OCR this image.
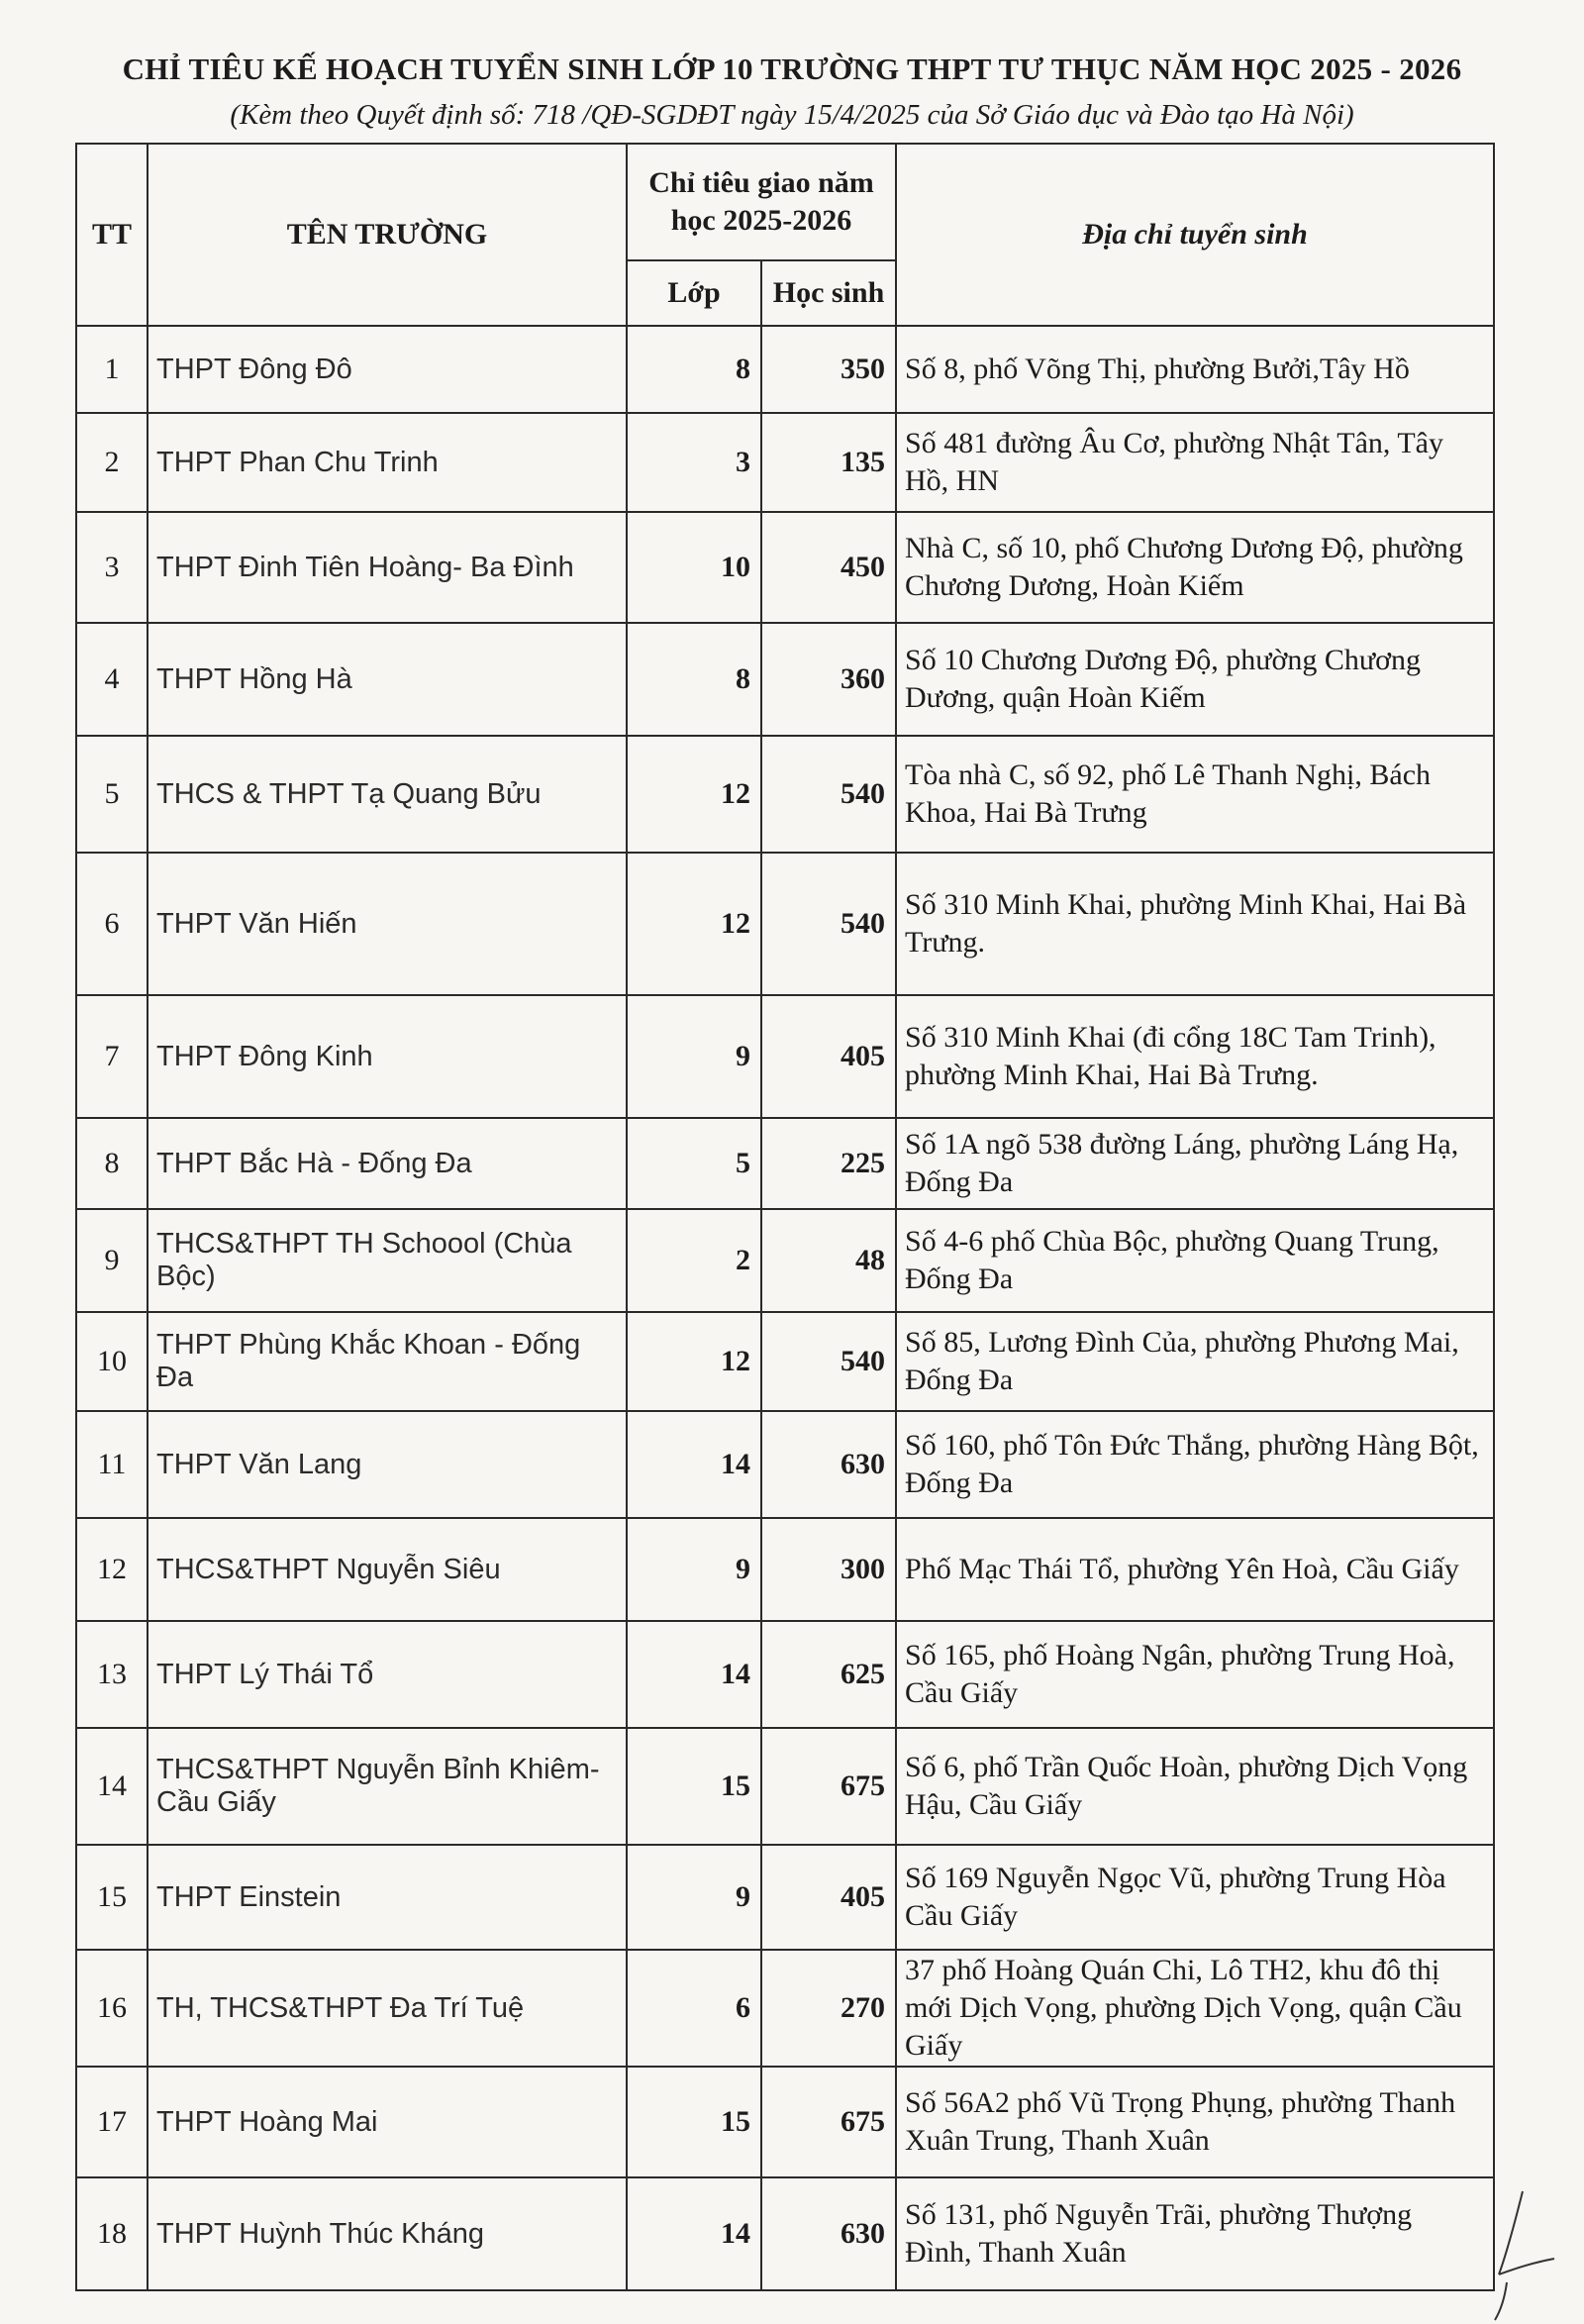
CHỈ TIÊU KẾ HOẠCH TUYỂN SINH LỚP 10 TRƯỜNG THPT TƯ THỤC NĂM HỌC 2025 - 2026
(Kèm theo Quyết định số: 718 /QĐ-SGDĐT ngày 15/4/2025 của Sở Giáo dục và Đào tạo Hà Nội)
TT	TÊN TRƯỜNG	Chỉ tiêu giao năm học 2025-2026		Địa chỉ tuyển sinh
		Lớp	Học sinh	
1	THPT Đông Đô	8	350	Số 8, phố Võng Thị, phường Bưởi,Tây Hồ
2	THPT Phan Chu Trinh	3	135	Số 481 đường Âu Cơ, phường Nhật Tân, Tây Hồ, HN
3	THPT Đinh Tiên Hoàng- Ba Đình	10	450	Nhà C, số 10, phố Chương Dương Độ, phường Chương Dương, Hoàn Kiếm
4	THPT Hồng Hà	8	360	Số 10 Chương Dương Độ, phường Chương Dương, quận Hoàn Kiếm
5	THCS & THPT Tạ Quang Bửu	12	540	Tòa nhà C, số 92, phố Lê Thanh Nghị, Bách Khoa, Hai Bà Trưng
6	THPT Văn Hiến	12	540	Số 310 Minh Khai, phường Minh Khai, Hai Bà Trưng.
7	THPT Đông Kinh	9	405	Số 310 Minh Khai (đi cổng 18C Tam Trinh), phường Minh Khai, Hai Bà Trưng.
8	THPT Bắc Hà - Đống Đa	5	225	Số 1A ngõ 538 đường Láng, phường Láng Hạ, Đống Đa
9	THCS&THPT TH Schoool (Chùa Bộc)	2	48	Số 4-6 phố Chùa Bộc, phường Quang Trung, Đống Đa
10	THPT Phùng Khắc Khoan - Đống Đa	12	540	Số 85, Lương Đình Của, phường Phương Mai, Đống Đa
11	THPT Văn Lang	14	630	Số 160, phố Tôn Đức Thắng, phường Hàng Bột, Đống Đa
12	THCS&THPT Nguyễn Siêu	9	300	Phố Mạc Thái Tổ, phường Yên Hoà, Cầu Giấy
13	THPT Lý Thái Tổ	14	625	Số 165, phố Hoàng Ngân, phường Trung Hoà, Cầu Giấy
14	THCS&THPT Nguyễn Bỉnh Khiêm-Cầu Giấy	15	675	Số 6, phố Trần Quốc Hoàn, phường Dịch Vọng Hậu, Cầu Giấy
15	THPT Einstein	9	405	Số 169 Nguyễn Ngọc Vũ, phường Trung Hòa Cầu Giấy
16	TH, THCS&THPT Đa Trí Tuệ	6	270	37 phố Hoàng Quán Chi, Lô TH2, khu đô thị mới Dịch Vọng, phường Dịch Vọng, quận Cầu Giấy
17	THPT Hoàng Mai	15	675	Số 56A2 phố Vũ Trọng Phụng, phường Thanh Xuân Trung, Thanh Xuân
18	THPT Huỳnh Thúc Kháng	14	630	Số 131, phố Nguyễn Trãi, phường Thượng Đình, Thanh Xuân
